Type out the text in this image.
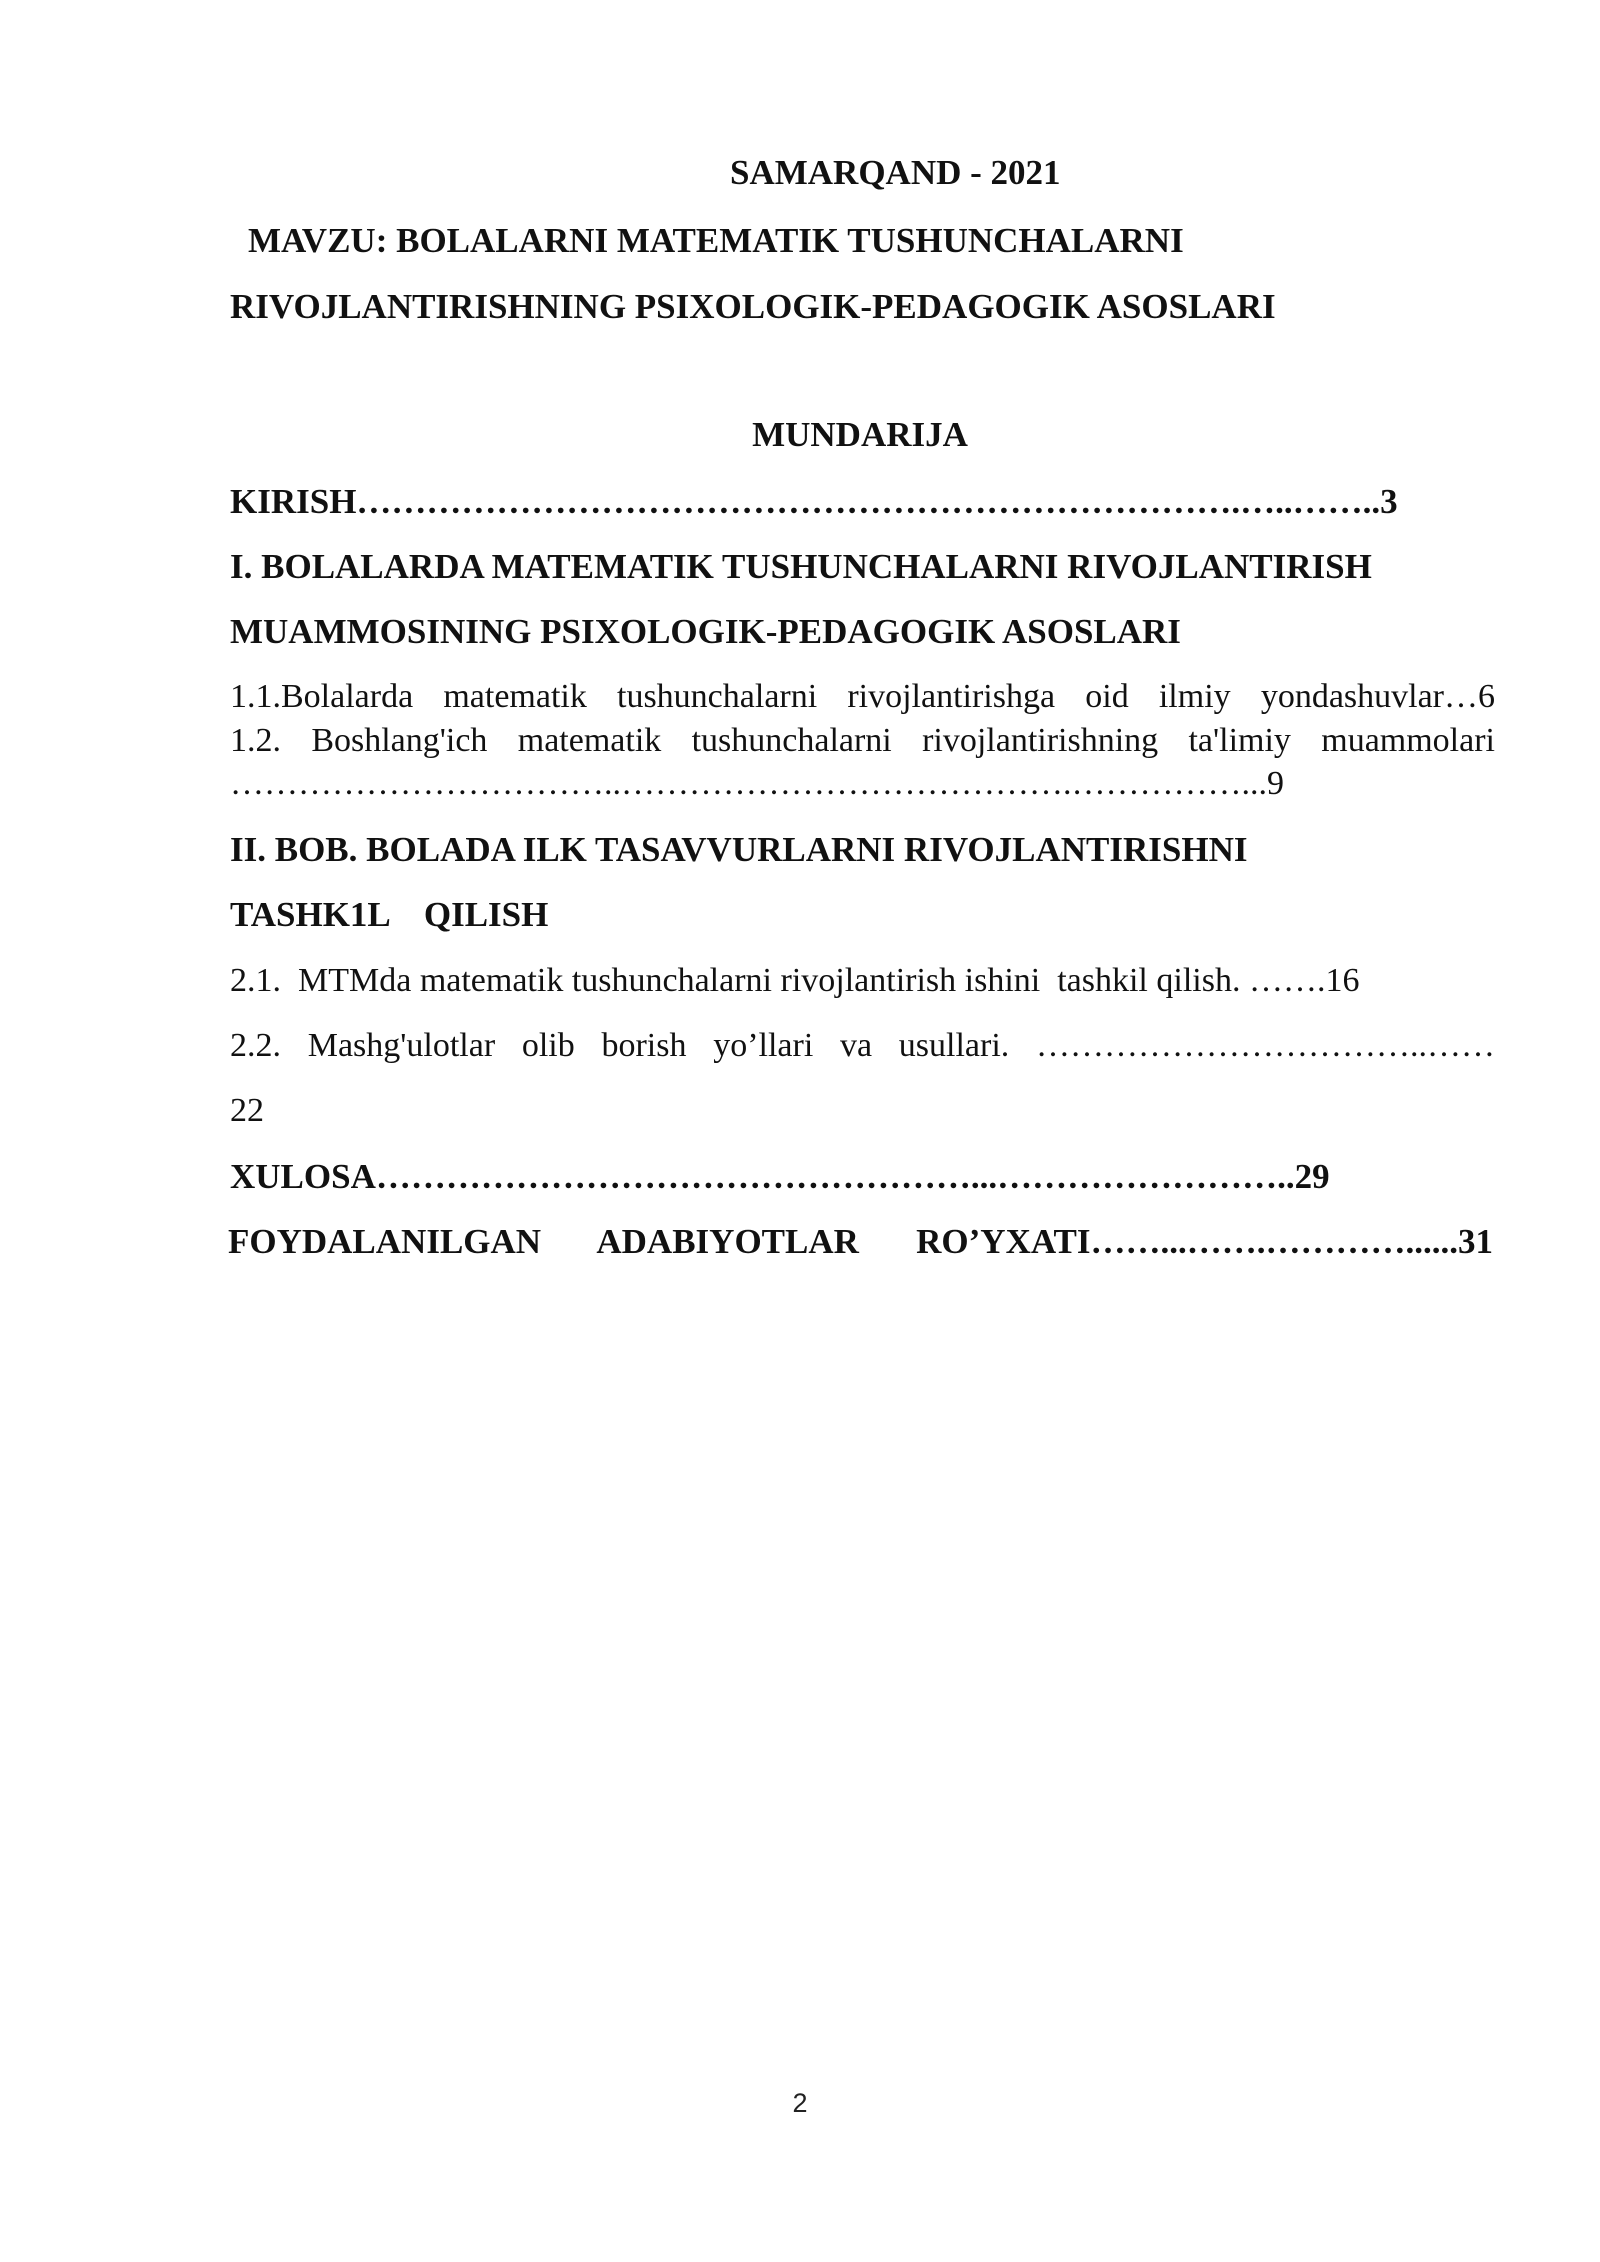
SAMARQAND - 2021
MAVZU: BOLALARNI MATEMATIK TUSHUNCHALARNI
RIVOJLANTIRISHNING PSIXOLOGIK-PEDAGOGIK ASOSLARI
MUNDARIJA
KIRISH………………………………………………………………….…..……..3
I. BOLALARDA MATEMATIK TUSHUNCHALARNI RIVOJLANTIRISH
MUAMMOSINING PSIXOLOGIK-PEDAGOGIK ASOSLARI
1.1.Bolalarda matematik tushunchalarni rivojlantirishga oid ilmiy yondashuvlar…6
1.2. Boshlang'ich matematik tushunchalarni rivojlantirishning ta'limiy muammolari
……………………………..………………………………….……………...9
II. BOB. BOLADA ILK TASAVVURLARNI RIVOJLANTIRISHNI
TASHK1L    QILISH
2.1.  MTMda matematik tushunchalarni rivojlantirish ishini  tashkil qilish. …….16
2.2. Mashg'ulotlar olib borish yo’llari va usullari. ……………………………..……
22
XULOSA……………………………………………...……………………..29
FOYDALANILGAN ADABIYOTLAR RO’YXATI……...…….…………......31
2
